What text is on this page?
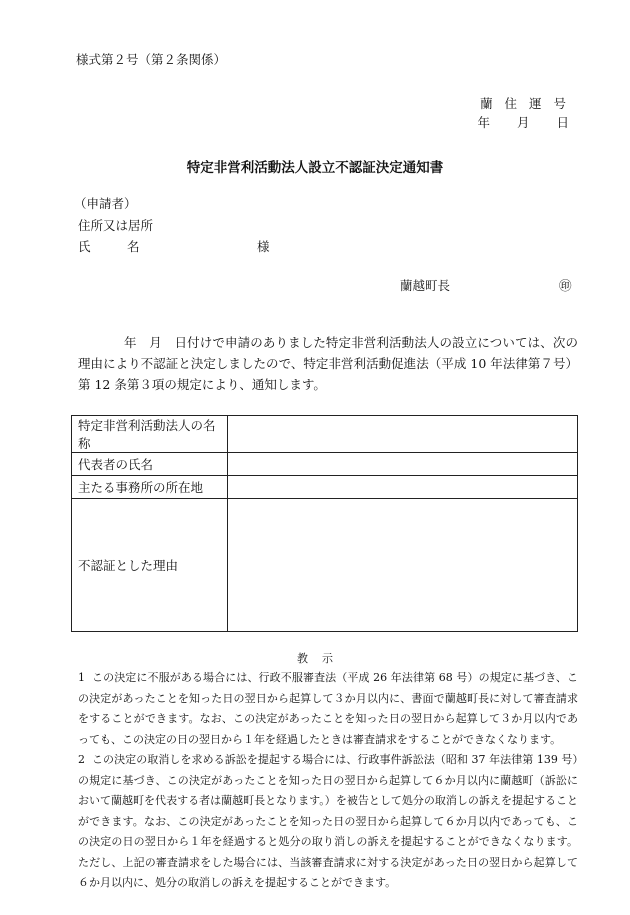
様式第２号（第２条関係）
蘭 住 運 号
年 月 日
特定非営利活動法人設立不認証決定通知書
（申請者）
住所又は居所
氏　名	様
蘭越町長	㊞
年　月　日付けで申請のありました特定非営利活動法人の設立については、次の理由により不認証と決定しましたので、特定非営利活動促進法（平成 10 年法律第７号）第 12 条第３項の規定により、通知します。
特定非営利活動法人の名称	
代表者の氏名	
主たる事務所の所在地	
不認証とした理由	
教示
1 この決定に不服がある場合には、行政不服審査法（平成 26 年法律第 68 号）の規定に基づき、この決定があったことを知った日の翌日から起算して３か月以内に、書面で蘭越町長に対して審査請求をすることができます。なお、この決定があったことを知った日の翌日から起算して３か月以内であっても、この決定の日の翌日から１年を経過したときは審査請求をすることができなくなります。
2 この決定の取消しを求める訴訟を提起する場合には、行政事件訴訟法（昭和 37 年法律第 139 号）の規定に基づき、この決定があったことを知った日の翌日から起算して６か月以内に蘭越町（訴訟において蘭越町を代表する者は蘭越町長となります。）を被告として処分の取消しの訴えを提起することができます。なお、この決定があったことを知った日の翌日から起算して６か月以内であっても、この決定の日の翌日から１年を経過すると処分の取り消しの訴えを提起することができなくなります。ただし、上記の審査請求をした場合には、当該審査請求に対する決定があった日の翌日から起算して６か月以内に、処分の取消しの訴えを提起することができます。
